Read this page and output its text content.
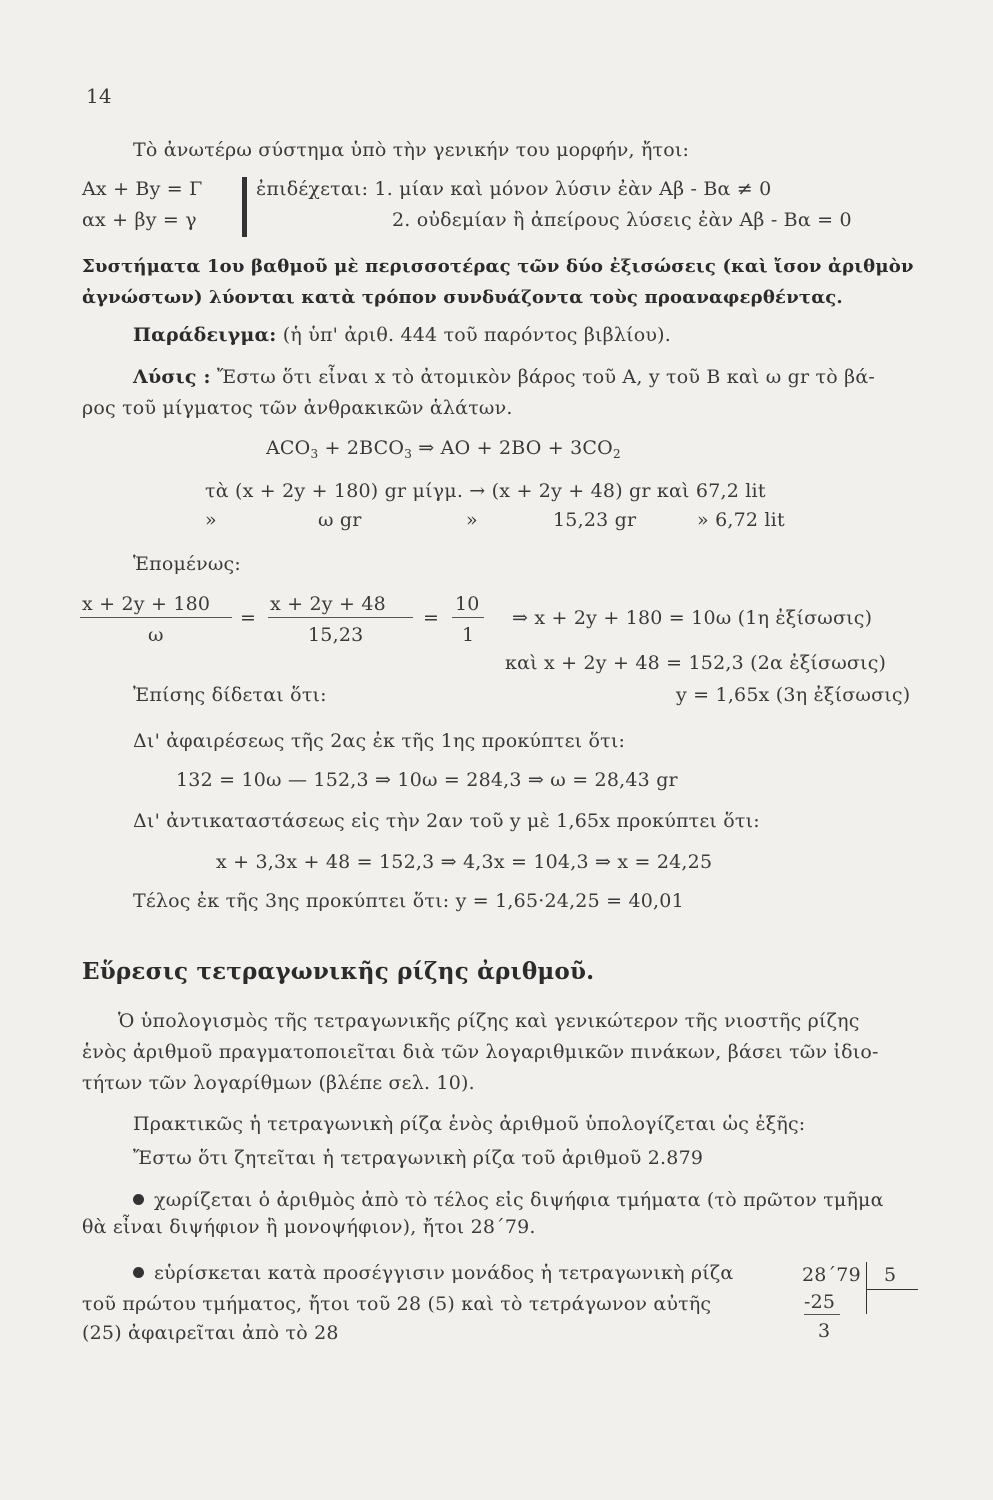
14
Τὸ ἀνωτέρω σύστημα ὑπὸ τὴν γενικήν του μορφήν, ἤτοι:
Ax + By = Γ
αx + βy = γ
ἐπιδέχεται: 1. μίαν καὶ μόνον λύσιν ἐὰν Aβ - Bα ≠ 0
2. οὐδεμίαν ἢ ἀπείρους λύσεις ἐὰν Aβ - Bα = 0
Συστήματα 1ου βαθμοῦ μὲ περισσοτέρας τῶν δύο ἐξισώσεις (καὶ ἴσον ἀριθμὸν
ἀγνώστων) λύονται κατὰ τρόπον συνδυάζοντα τοὺς προαναφερθέντας.
Παράδειγμα: (ἡ ὑπ' ἀριθ. 444 τοῦ παρόντος βιβλίου).
Λύσις : Ἔστω ὅτι εἶναι x τὸ ἀτομικὸν βάρος τοῦ A, y τοῦ B καὶ ω gr τὸ βά-
ρος τοῦ μίγματος τῶν ἀνθρακικῶν ἁλάτων.
$ACO_3 + 2BCO_3$ ⇒ AO + $2BO + 3CO_2$
τὰ (x + 2y + 180) gr μίγμ. → (x + 2y + 48) gr καὶ 67,2 lit
»	ω gr	»	15,23 gr	» 6,72 lit
Ἑπομένως:
x + 2y + 180
ω
=
x + 2y + 48
15,23
=
10
1
⇒ x + 2y + 180 = 10ω (1η ἐξίσωσις)
καὶ x + 2y + 48 = 152,3 (2α ἐξίσωσις)
Ἐπίσης δίδεται ὅτι:	y = 1,65x (3η ἐξίσωσις)
Δι' ἀφαιρέσεως τῆς 2ας ἐκ τῆς 1ης προκύπτει ὅτι:
132 = 10ω — 152,3 ⇒ 10ω = 284,3 ⇒ ω = 28,43 gr
Δι' ἀντικαταστάσεως εἰς τὴν 2αν τοῦ y μὲ 1,65x προκύπτει ὅτι:
x + 3,3x + 48 = 152,3 ⇒ 4,3x = 104,3 ⇒ x = 24,25
Τέλος ἐκ τῆς 3ης προκύπτει ὅτι: y = 1,65·24,25 = 40,01
Εὕρεσις τετραγωνικῆς ρίζης ἀριθμοῦ.
Ὁ ὑπολογισμὸς τῆς τετραγωνικῆς ρίζης καὶ γενικώτερον τῆς νιοστῆς ρίζης
ἑνὸς ἀριθμοῦ πραγματοποιεῖται διὰ τῶν λογαριθμικῶν πινάκων, βάσει τῶν ἰδιο-
τήτων τῶν λογαρίθμων (βλέπε σελ. 10).
Πρακτικῶς ἡ τετραγωνικὴ ρίζα ἑνὸς ἀριθμοῦ ὑπολογίζεται ὡς ἑξῆς:
Ἔστω ὅτι ζητεῖται ἡ τετραγωνικὴ ρίζα τοῦ ἀριθμοῦ 2.879
χωρίζεται ὁ ἀριθμὸς ἀπὸ τὸ τέλος εἰς διψήφια τμήματα (τὸ πρῶτον τμῆμα
θὰ εἶναι διψήφιον ἢ μονοψήφιον), ἤτοι 28΄79.
εὑρίσκεται κατὰ προσέγγισιν μονάδος ἡ τετραγωνικὴ ρίζα
τοῦ πρώτου τμήματος, ἤτοι τοῦ 28 (5) καὶ τὸ τετράγωνον αὐτῆς
(25) ἀφαιρεῖται ἀπὸ τὸ 28
28΄79
-25
3
5
